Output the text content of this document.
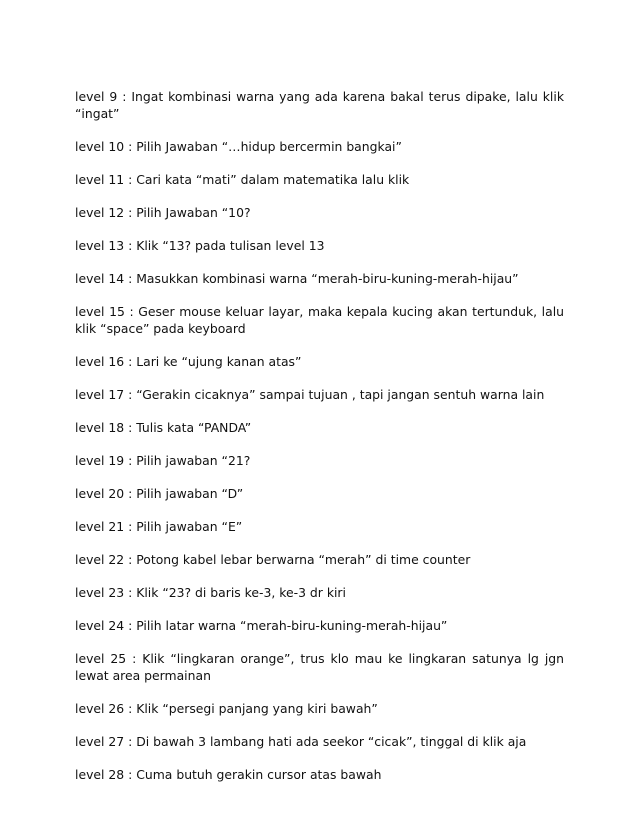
level 9 : Ingat kombinasi warna yang ada karena bakal terus dipake, lalu klik “ingat”

level 10 : Pilih Jawaban “…hidup bercermin bangkai”

level 11 : Cari kata “mati” dalam matematika lalu klik

level 12 : Pilih Jawaban “10?

level 13 : Klik “13? pada tulisan level 13

level 14 : Masukkan kombinasi warna “merah-biru-kuning-merah-hijau”

level 15 : Geser mouse keluar layar, maka kepala kucing akan tertunduk, lalu klik “space” pada keyboard

level 16 : Lari ke “ujung kanan atas”

level 17 : “Gerakin cicaknya” sampai tujuan , tapi jangan sentuh warna lain

level 18 : Tulis kata “PANDA”

level 19 : Pilih jawaban “21?

level 20 : Pilih jawaban “D”

level 21 : Pilih jawaban “E”

level 22 : Potong kabel lebar berwarna “merah” di time counter

level 23 : Klik “23? di baris ke-3, ke-3 dr kiri

level 24 : Pilih latar warna “merah-biru-kuning-merah-hijau”

level 25 : Klik “lingkaran orange”, trus klo mau ke lingkaran satunya lg jgn lewat area permainan

level 26 : Klik “persegi panjang yang kiri bawah”

level 27 : Di bawah 3 lambang hati ada seekor “cicak”, tinggal di klik aja

level 28 : Cuma butuh gerakin cursor atas bawah
